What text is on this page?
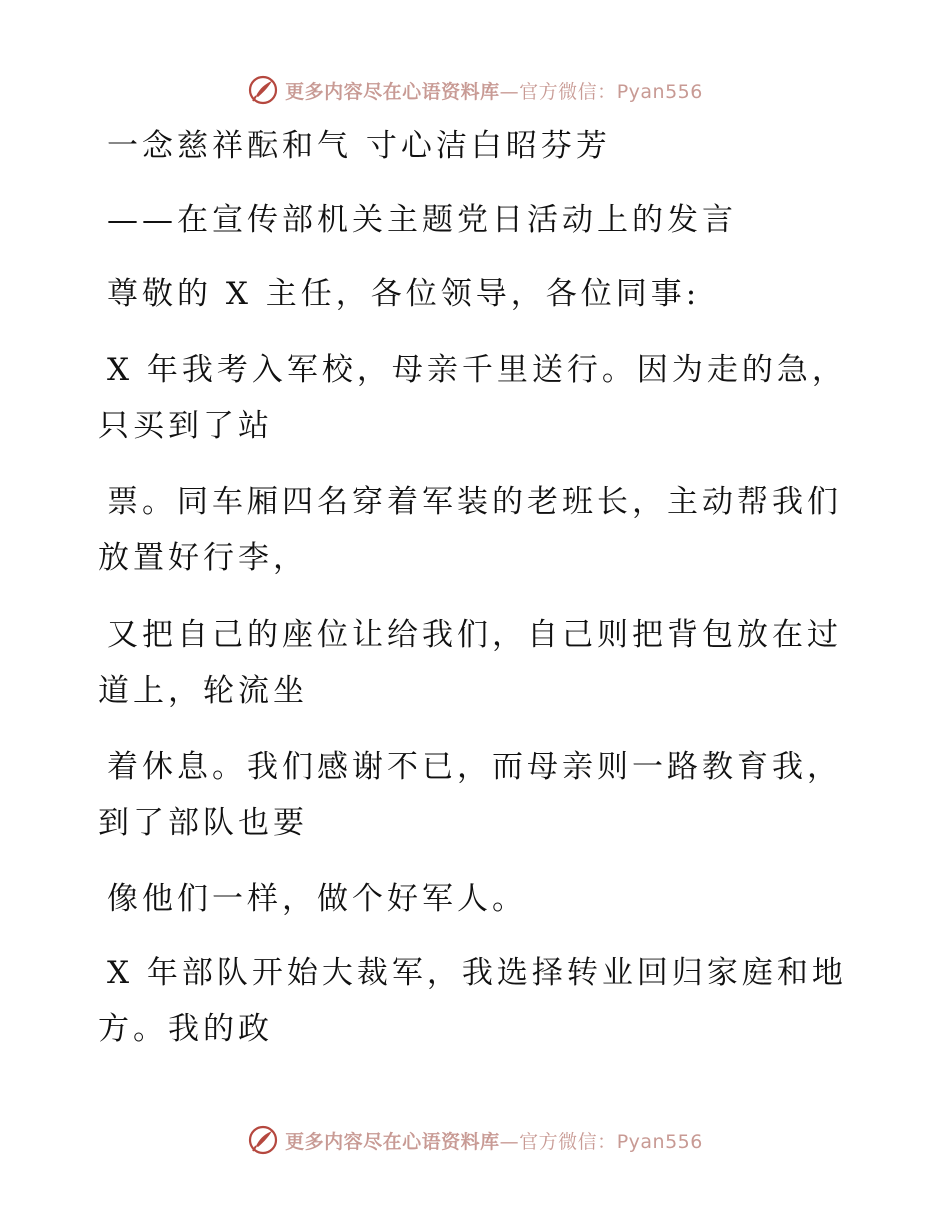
更多内容尽在心语资料库—官方微信：Pyan556
一念慈祥酝和气 寸心洁白昭芬芳
——在宣传部机关主题党日活动上的发言
尊敬的 X 主任，各位领导，各位同事:
X 年我考入军校，母亲千里送行。因为走的急，
只买到了站
票。同车厢四名穿着军装的老班长，主动帮我们
放置好行李，
又把自己的座位让给我们，自己则把背包放在过
道上，轮流坐
着休息。我们感谢不已，而母亲则一路教育我，
到了部队也要
像他们一样，做个好军人。
X 年部队开始大裁军，我选择转业回归家庭和地
方。我的政
更多内容尽在心语资料库—官方微信：Pyan556
